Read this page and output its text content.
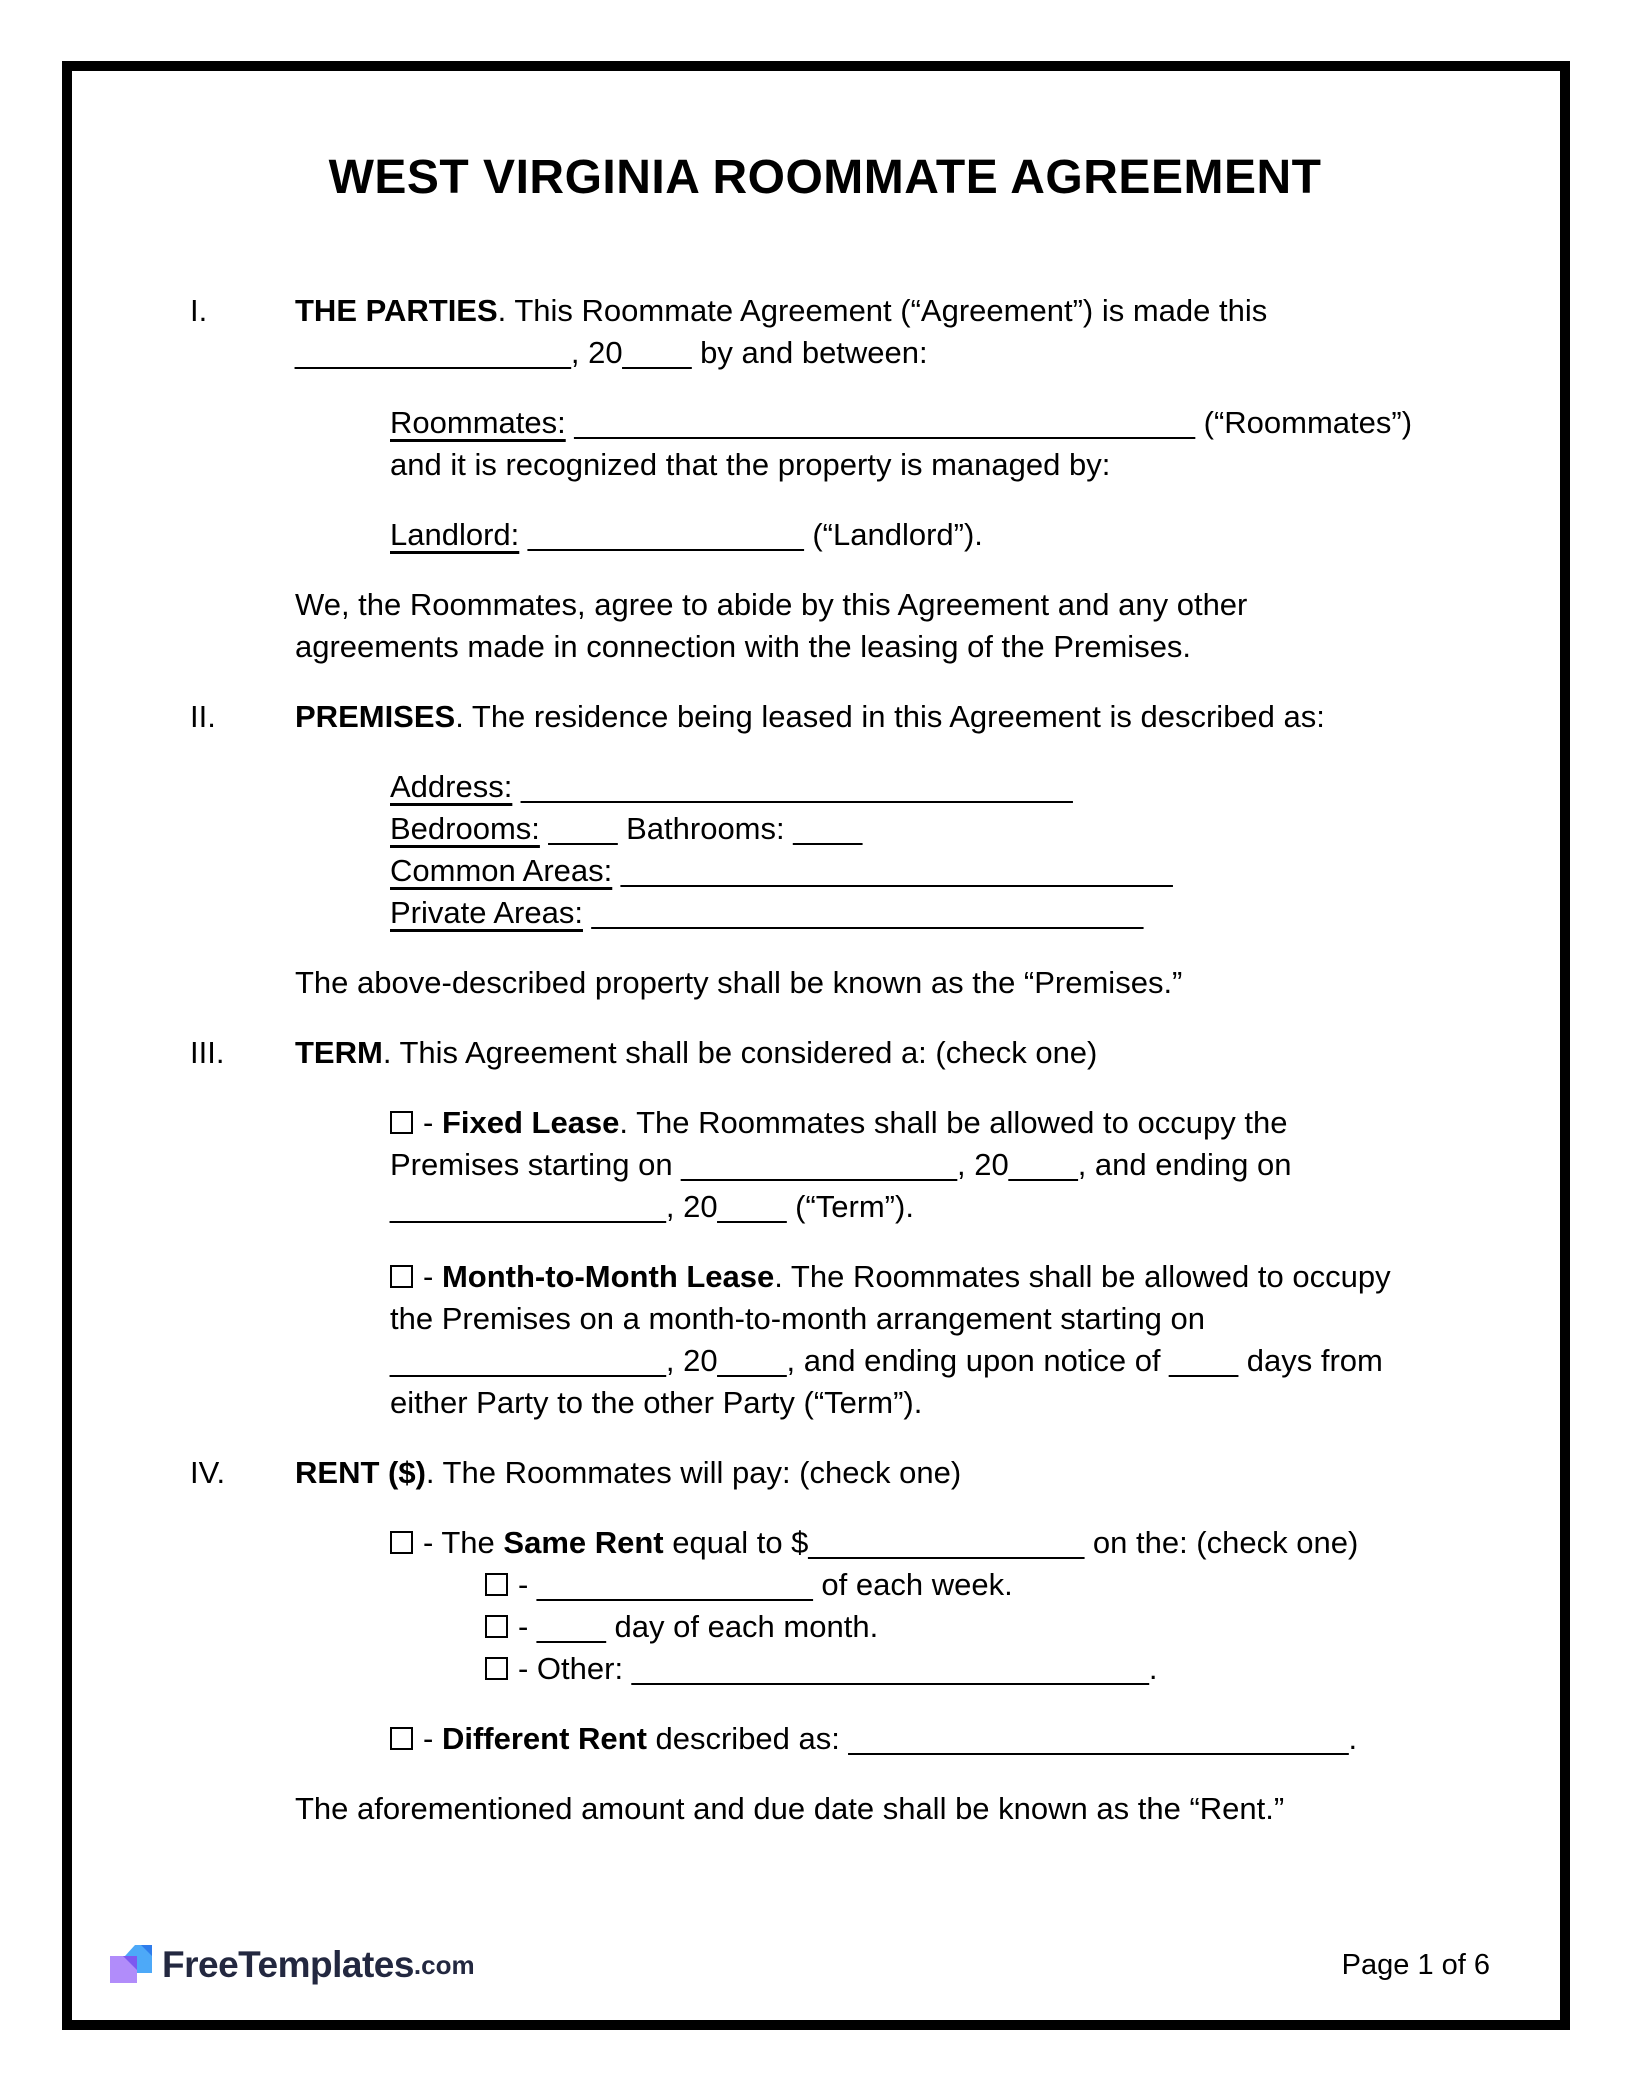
WEST VIRGINIA ROOMMATE AGREEMENT
I.	THE PARTIES. This Roommate Agreement (“Agreement”) is made this
________________, 20____ by and between:
Roommates: ____________________________________ (“Roommates”)
and it is recognized that the property is managed by:
Landlord: ________________ (“Landlord”).
We, the Roommates, agree to abide by this Agreement and any other
agreements made in connection with the leasing of the Premises.
II.	PREMISES. The residence being leased in this Agreement is described as:
Address: ________________________________
Bedrooms: ____ Bathrooms: ____
Common Areas: ________________________________
Private Areas: ________________________________
The above-described property shall be known as the “Premises.”
III.	TERM. This Agreement shall be considered a: (check one)
- Fixed Lease. The Roommates shall be allowed to occupy the
Premises starting on ________________, 20____, and ending on
________________, 20____ (“Term”).
- Month-to-Month Lease. The Roommates shall be allowed to occupy
the Premises on a month-to-month arrangement starting on
________________, 20____, and ending upon notice of ____ days from
either Party to the other Party (“Term”).
IV.	RENT ($). The Roommates will pay: (check one)
- The Same Rent equal to $________________ on the: (check one)
- ________________ of each week.
- ____ day of each month.
- Other: ______________________________.
- Different Rent described as: _____________________________.
The aforementioned amount and due date shall be known as the “Rent.”
FreeTemplates .com	Page 1 of 6
